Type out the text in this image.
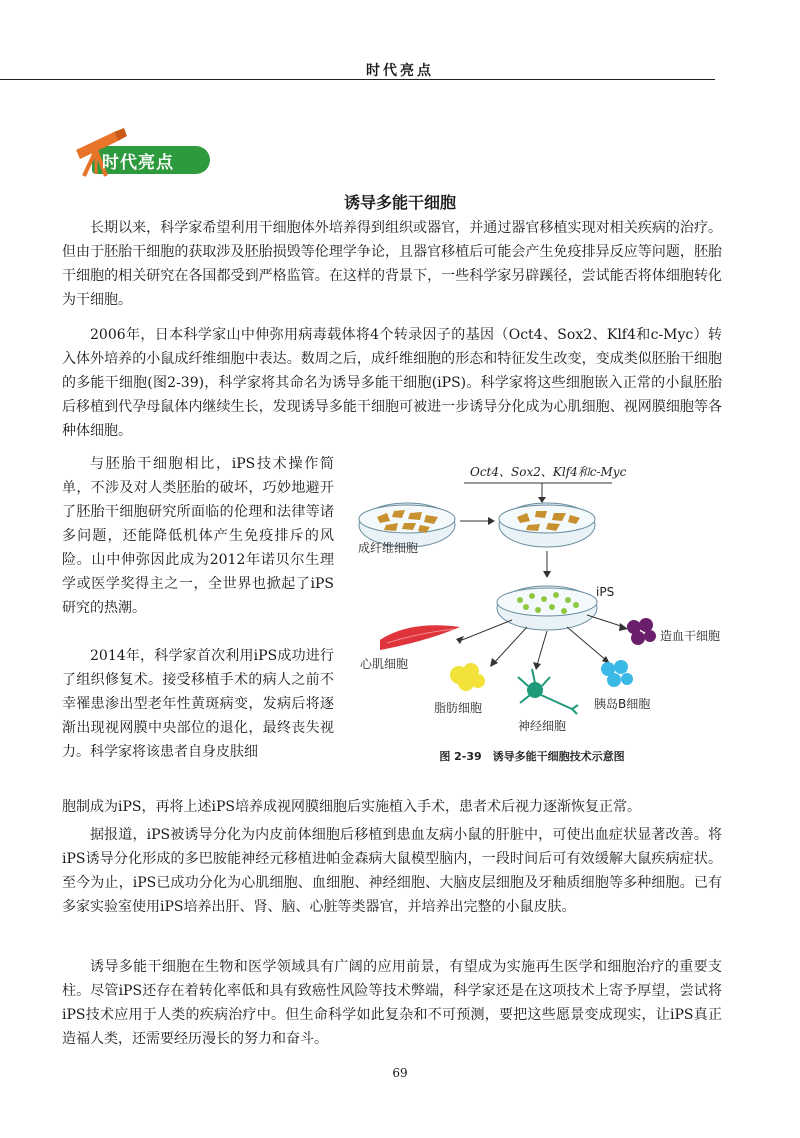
时代亮点
时代亮点
诱导多能干细胞

长期以来，科学家希望利用干细胞体外培养得到组织或器官，并通过器官移植实现对相关疾病的治疗。但由于胚胎干细胞的获取涉及胚胎损毁等伦理学争论，且器官移植后可能会产生免疫排异反应等问题，胚胎干细胞的相关研究在各国都受到严格监管。在这样的背景下，一些科学家另辟蹊径，尝试能否将体细胞转化为干细胞。

2006年，日本科学家山中伸弥用病毒载体将4个转录因子的基因（Oct4、Sox2、Klf4和c-Myc）转入体外培养的小鼠成纤维细胞中表达。数周之后，成纤维细胞的形态和特征发生改变，变成类似胚胎干细胞的多能干细胞(图2-39)，科学家将其命名为诱导多能干细胞(iPS)。科学家将这些细胞嵌入正常的小鼠胚胎后移植到代孕母鼠体内继续生长，发现诱导多能干细胞可被进一步诱导分化成为心肌细胞、视网膜细胞等各种体细胞。

与胚胎干细胞相比，iPS技术操作简单，不涉及对人类胚胎的破坏，巧妙地避开了胚胎干细胞研究所面临的伦理和法律等诸多问题，还能降低机体产生免疫排斥的风险。山中伸弥因此成为2012年诺贝尔生理学或医学奖得主之一，全世界也掀起了iPS研究的热潮。

2014年，科学家首次利用iPS成功进行了组织修复术。接受移植手术的病人之前不幸罹患渗出型老年性黄斑病变，发病后将逐渐出现视网膜中央部位的退化，最终丧失视力。科学家将该患者自身皮肤细

胞制成为iPS，再将上述iPS培养成视网膜细胞后实施植入手术，患者术后视力逐渐恢复正常。

据报道，iPS被诱导分化为内皮前体细胞后移植到患血友病小鼠的肝脏中，可使出血症状显著改善。将iPS诱导分化形成的多巴胺能神经元移植进帕金森病大鼠模型脑内，一段时间后可有效缓解大鼠疾病症状。至今为止，iPS已成功分化为心肌细胞、血细胞、神经细胞、大脑皮层细胞及牙釉质细胞等多种细胞。已有多家实验室使用iPS培养出肝、肾、脑、心脏等类器官，并培养出完整的小鼠皮肤。

诱导多能干细胞在生物和医学领域具有广阔的应用前景，有望成为实施再生医学和细胞治疗的重要支柱。尽管iPS还存在着转化率低和具有致癌性风险等技术弊端，科学家还是在这项技术上寄予厚望，尝试将iPS技术应用于人类的疾病治疗中。但生命科学如此复杂和不可预测，要把这些愿景变成现实，让iPS真正造福人类，还需要经历漫长的努力和奋斗。

Oct4、Sox2、Klf4和c-Myc
成纤维细胞
iPS
心肌细胞
脂肪细胞
神经细胞
胰岛B细胞
造血干细胞
图 2-39　诱导多能干细胞技术示意图
69
